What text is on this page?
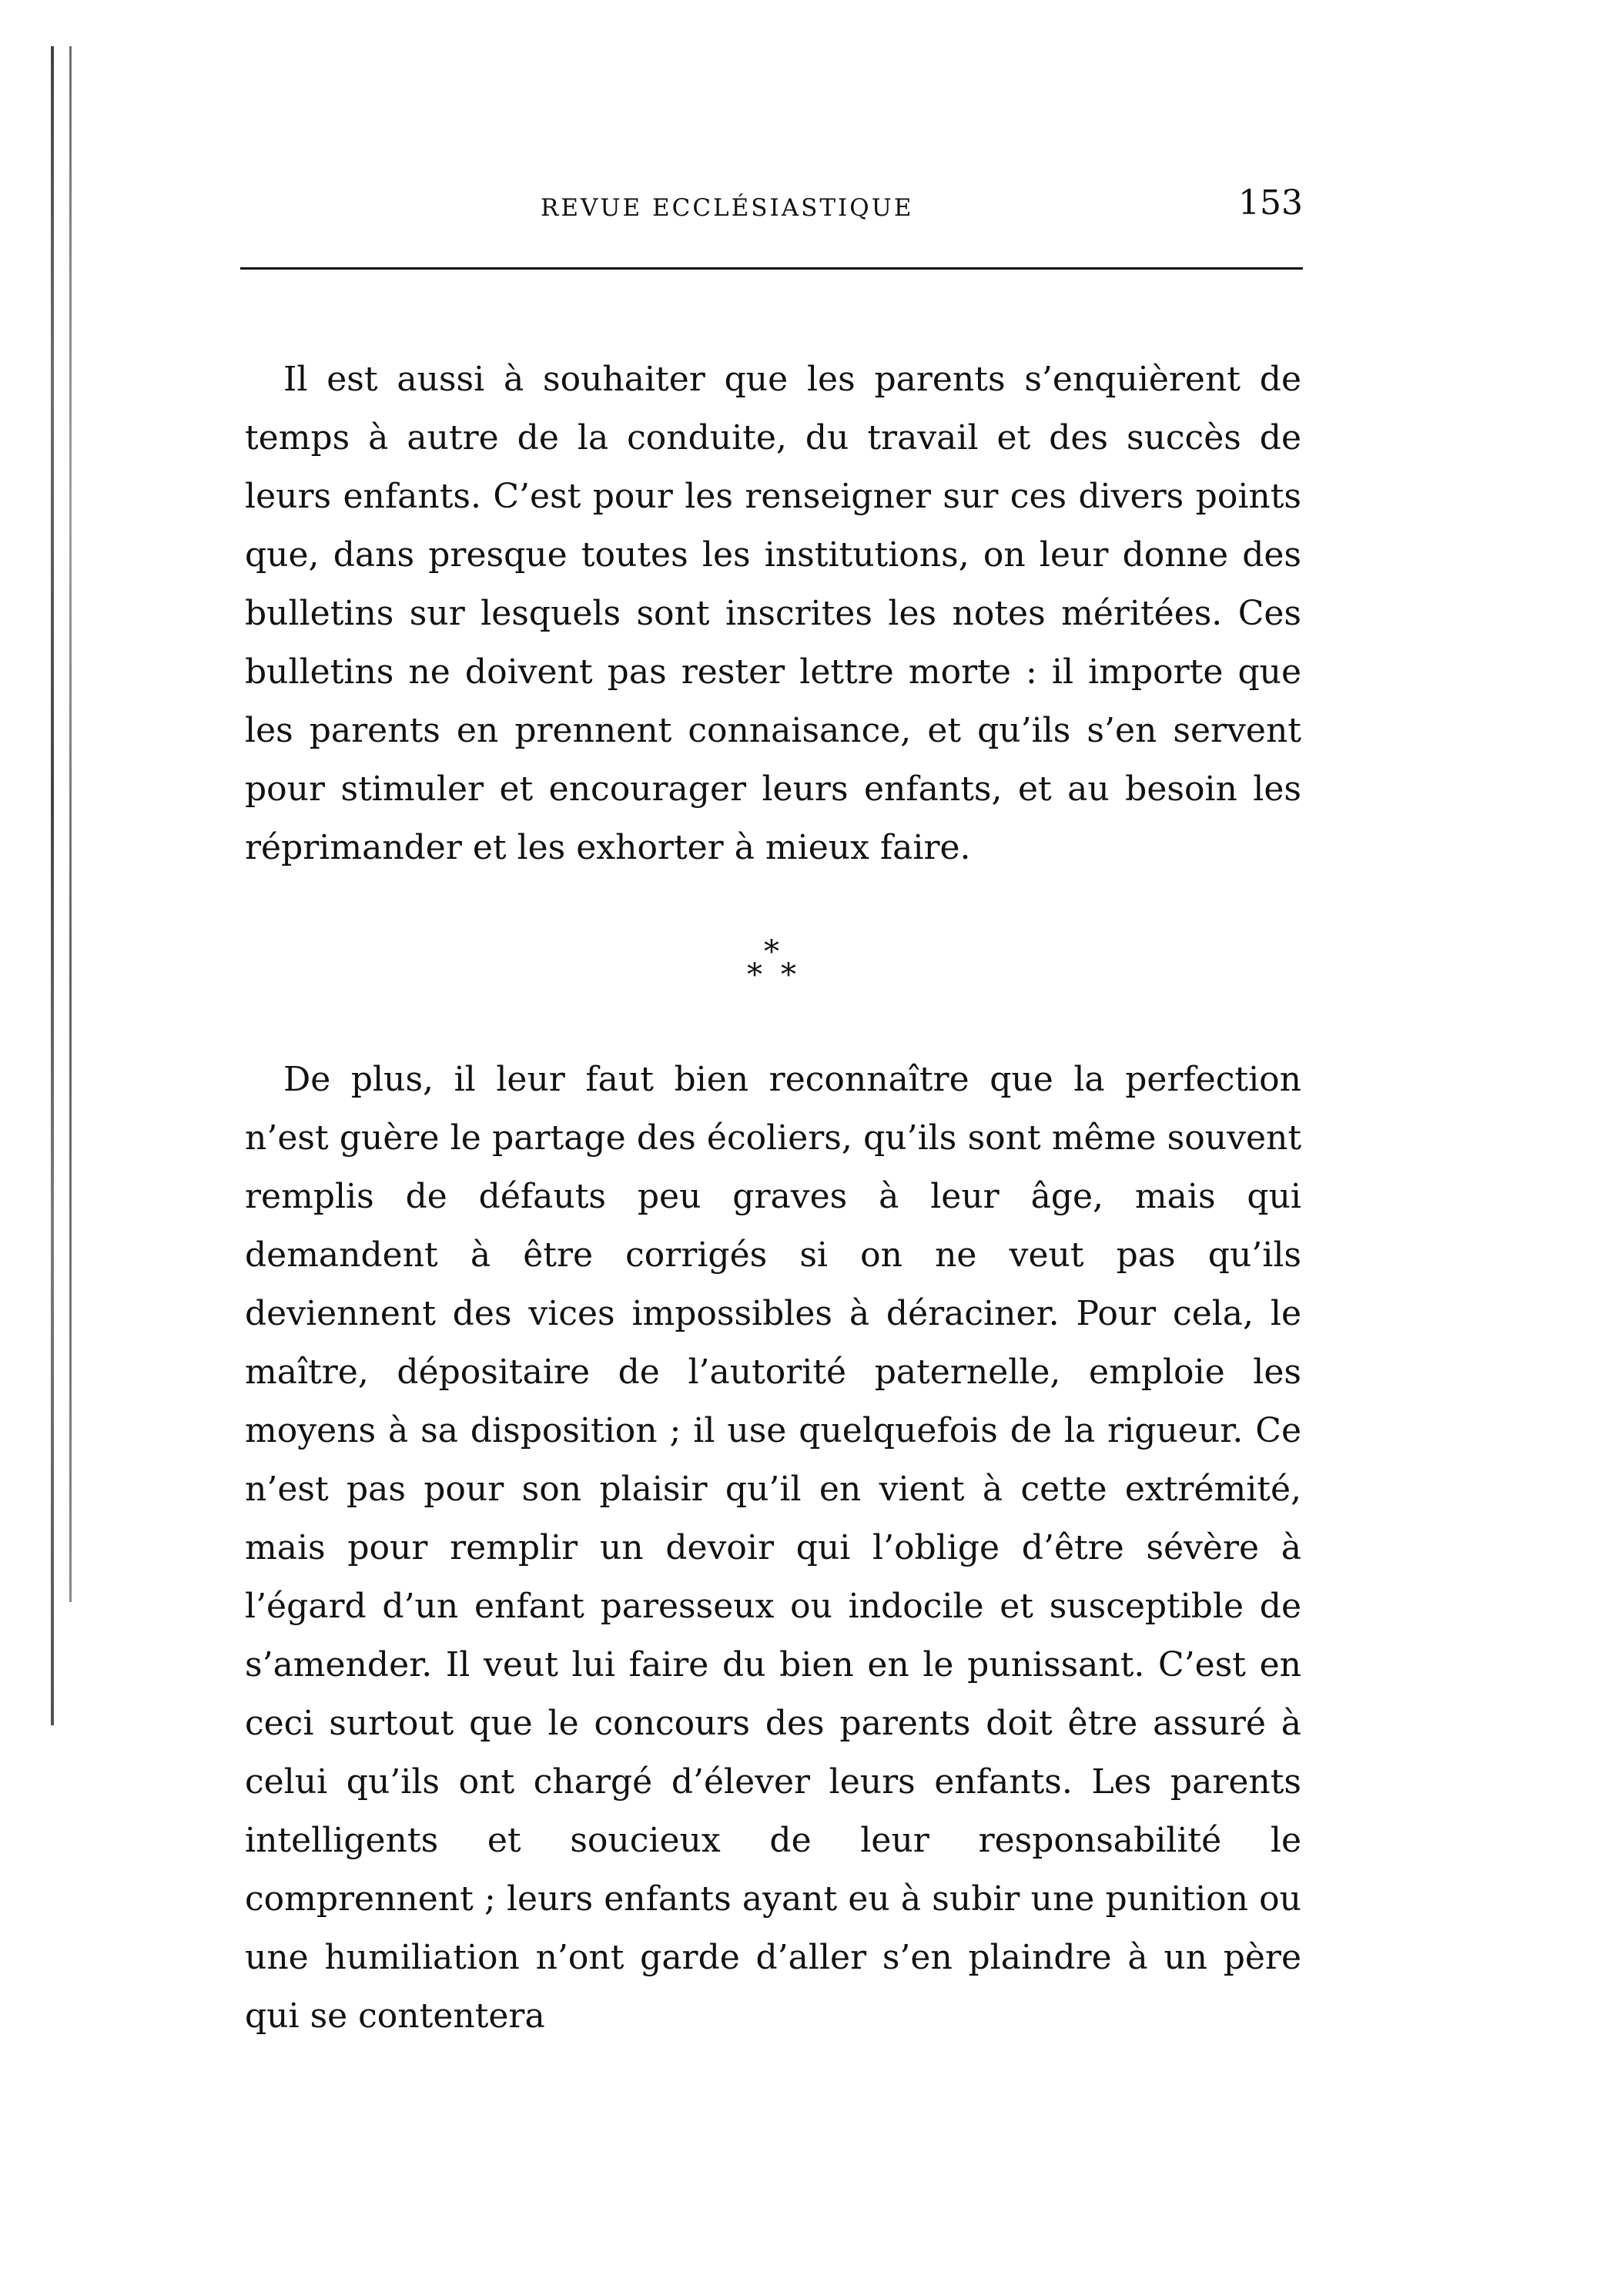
REVUE ECCLÉSIASTIQUE	153

Il est aussi à souhaiter que les parents s’enquièrent de temps à autre de la conduite, du travail et des succès de leurs enfants. C’est pour les renseigner sur ces divers points que, dans presque toutes les institutions, on leur donne des bulletins sur lesquels sont inscrites les notes méritées. Ces bulletins ne doivent pas rester lettre morte : il importe que les parents en prennent connaisance, et qu’ils s’en servent pour stimuler et encourager leurs enfants, et au besoin les réprimander et les exhorter à mieux faire.

*
* *

De plus, il leur faut bien reconnaître que la perfection n’est guère le partage des écoliers, qu’ils sont même souvent remplis de défauts peu graves à leur âge, mais qui demandent à être corrigés si on ne veut pas qu’ils deviennent des vices impossibles à déraciner. Pour cela, le maître, dépositaire de l’autorité paternelle, emploie les moyens à sa disposition ; il use quelquefois de la rigueur. Ce n’est pas pour son plaisir qu’il en vient à cette extrémité, mais pour remplir un devoir qui l’oblige d’être sévère à l’égard d’un enfant paresseux ou indocile et susceptible de s’amender. Il veut lui faire du bien en le punissant. C’est en ceci surtout que le concours des parents doit être assuré à celui qu’ils ont chargé d’élever leurs enfants. Les parents intelligents et soucieux de leur responsabilité le comprennent ; leurs enfants ayant eu à subir une punition ou une humiliation n’ont garde d’aller s’en plaindre à un père qui se contentera
